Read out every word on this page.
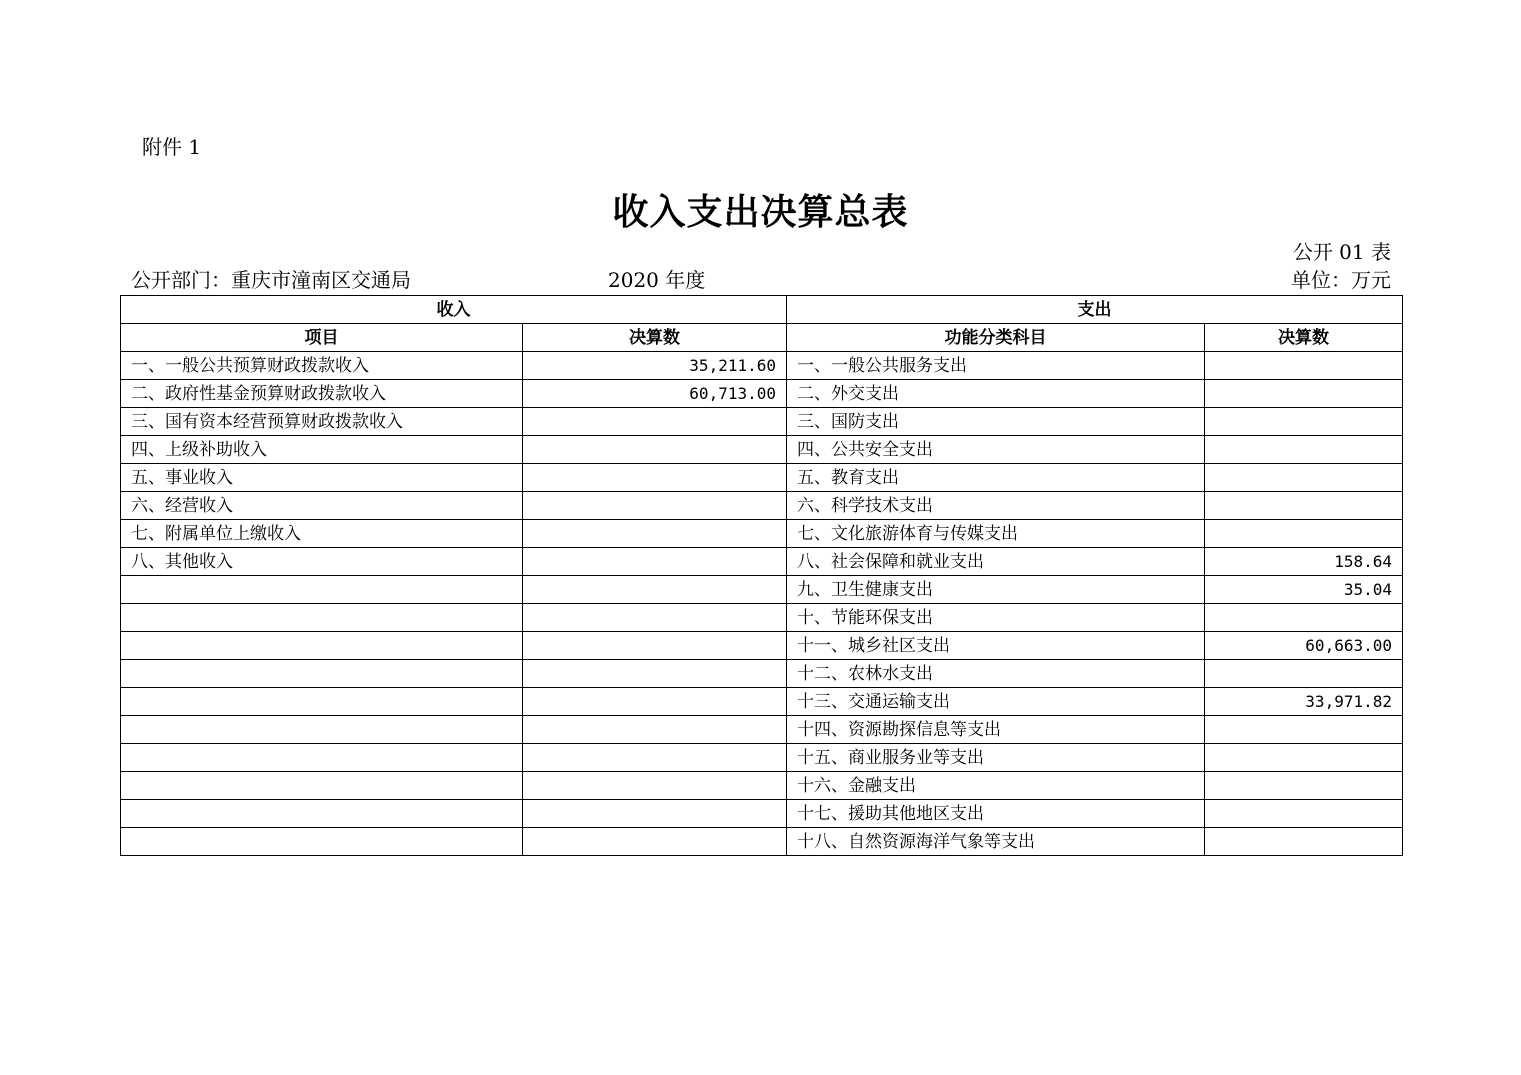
附件 1
收入支出决算总表
公开 01 表
公开部门：重庆市潼南区交通局	2020 年度	单位：万元
收入		支出	
项目	决算数	功能分类科目	决算数
一、一般公共预算财政拨款收入	35,211.60	一、一般公共服务支出	
二、政府性基金预算财政拨款收入	60,713.00	二、外交支出	
三、国有资本经营预算财政拨款收入		三、国防支出	
四、上级补助收入		四、公共安全支出	
五、事业收入		五、教育支出	
六、经营收入		六、科学技术支出	
七、附属单位上缴收入		七、文化旅游体育与传媒支出	
八、其他收入		八、社会保障和就业支出	158.64
		九、卫生健康支出	35.04
		十、节能环保支出	
		十一、城乡社区支出	60,663.00
		十二、农林水支出	
		十三、交通运输支出	33,971.82
		十四、资源勘探信息等支出	
		十五、商业服务业等支出	
		十六、金融支出	
		十七、援助其他地区支出	
		十八、自然资源海洋气象等支出	
